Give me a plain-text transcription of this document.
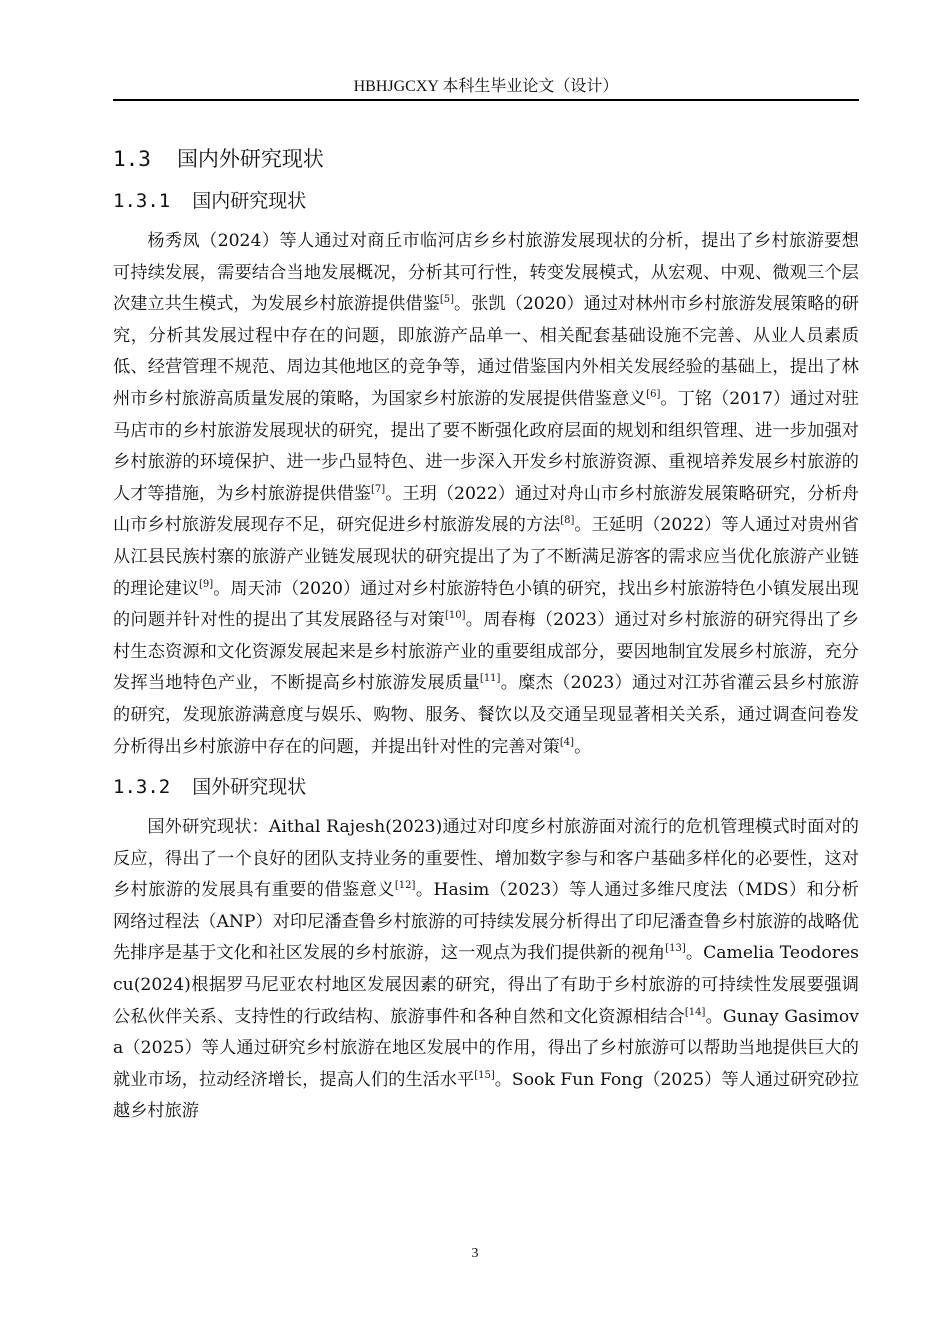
HBHJGCXY 本科生毕业论文（设计）
1.3 国内外研究现状
1.3.1 国内研究现状

杨秀凤（2024）等人通过对商丘市临河店乡乡村旅游发展现状的分析，提出了乡村旅游要想可持续发展，需要结合当地发展概况，分析其可行性，转变发展模式，从宏观、中观、微观三个层次建立共生模式，为发展乡村旅游提供借鉴[5]。张凯（2020）通过对林州市乡村旅游发展策略的研究，分析其发展过程中存在的问题，即旅游产品单一、相关配套基础设施不完善、从业人员素质低、经营管理不规范、周边其他地区的竞争等，通过借鉴国内外相关发展经验的基础上，提出了林州市乡村旅游高质量发展的策略，为国家乡村旅游的发展提供借鉴意义[6]。丁铭（2017）通过对驻马店市的乡村旅游发展现状的研究，提出了要不断强化政府层面的规划和组织管理、进一步加强对乡村旅游的环境保护、进一步凸显特色、进一步深入开发乡村旅游资源、重视培养发展乡村旅游的人才等措施，为乡村旅游提供借鉴[7]。王玥（2022）通过对舟山市乡村旅游发展策略研究，分析舟山市乡村旅游发展现存不足，研究促进乡村旅游发展的方法[8]。王延明（2022）等人通过对贵州省从江县民族村寨的旅游产业链发展现状的研究提出了为了不断满足游客的需求应当优化旅游产业链的理论建议[9]。周天沛（2020）通过对乡村旅游特色小镇的研究，找出乡村旅游特色小镇发展出现的问题并针对性的提出了其发展路径与对策[10]。周春梅（2023）通过对乡村旅游的研究得出了乡村生态资源和文化资源发展起来是乡村旅游产业的重要组成部分，要因地制宜发展乡村旅游，充分发挥当地特色产业，不断提高乡村旅游发展质量[11]。糜杰（2023）通过对江苏省灌云县乡村旅游的研究，发现旅游满意度与娱乐、购物、服务、餐饮以及交通呈现显著相关关系，通过调查问卷发分析得出乡村旅游中存在的问题，并提出针对性的完善对策[4]。

1.3.2 国外研究现状

国外研究现状：Aithal Rajesh(2023)通过对印度乡村旅游面对流行的危机管理模式时面对的反应，得出了一个良好的团队支持业务的重要性、增加数字参与和客户基础多样化的必要性，这对乡村旅游的发展具有重要的借鉴意义[12]。Hasim（2023）等人通过多维尺度法（MDS）和分析网络过程法（ANP）对印尼潘查鲁乡村旅游的可持续发展分析得出了印尼潘查鲁乡村旅游的战略优先排序是基于文化和社区发展的乡村旅游，这一观点为我们提供新的视角[13]。Camelia Teodorescu(2024)根据罗马尼亚农村地区发展因素的研究，得出了有助于乡村旅游的可持续性发展要强调公私伙伴关系、支持性的行政结构、旅游事件和各种自然和文化资源相结合[14]。Gunay Gasimova（2025）等人通过研究乡村旅游在地区发展中的作用，得出了乡村旅游可以帮助当地提供巨大的就业市场，拉动经济增长，提高人们的生活水平[15]。Sook Fun Fong（2025）等人通过研究砂拉越乡村旅游

3
